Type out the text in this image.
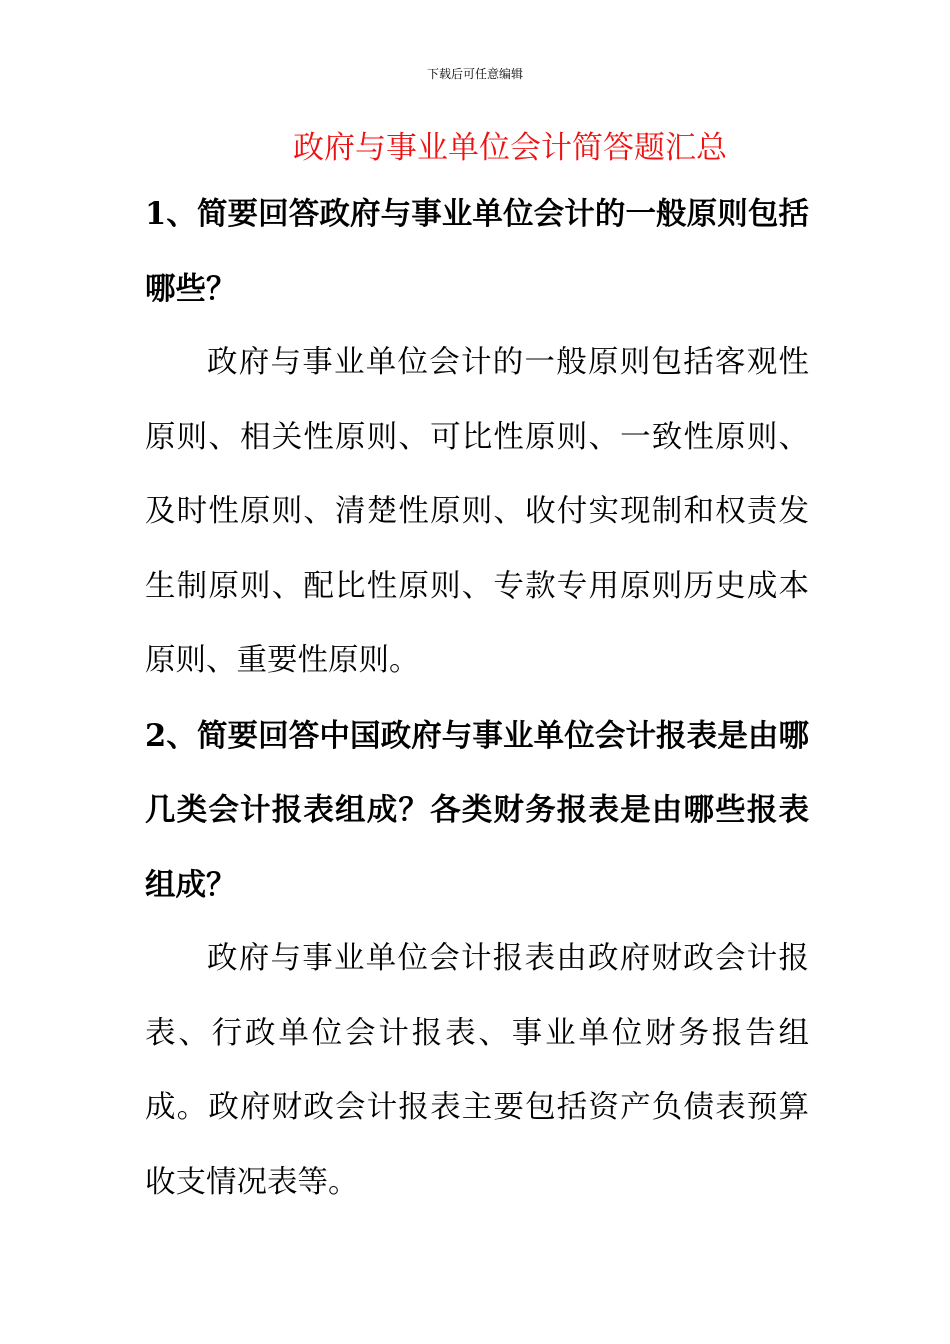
下载后可任意编辑
政府与事业单位会计简答题汇总

1、简要回答政府与事业单位会计的一般原则包括哪些？

政府与事业单位会计的一般原则包括客观性原则、相关性原则、可比性原则、一致性原则、及时性原则、清楚性原则、收付实现制和权责发生制原则、配比性原则、专款专用原则历史成本原则、重要性原则。

2、简要回答中国政府与事业单位会计报表是由哪几类会计报表组成？各类财务报表是由哪些报表组成？

政府与事业单位会计报表由政府财政会计报表、行政单位会计报表、事业单位财务报告组成。政府财政会计报表主要包括资产负债表预算收支情况表等。
